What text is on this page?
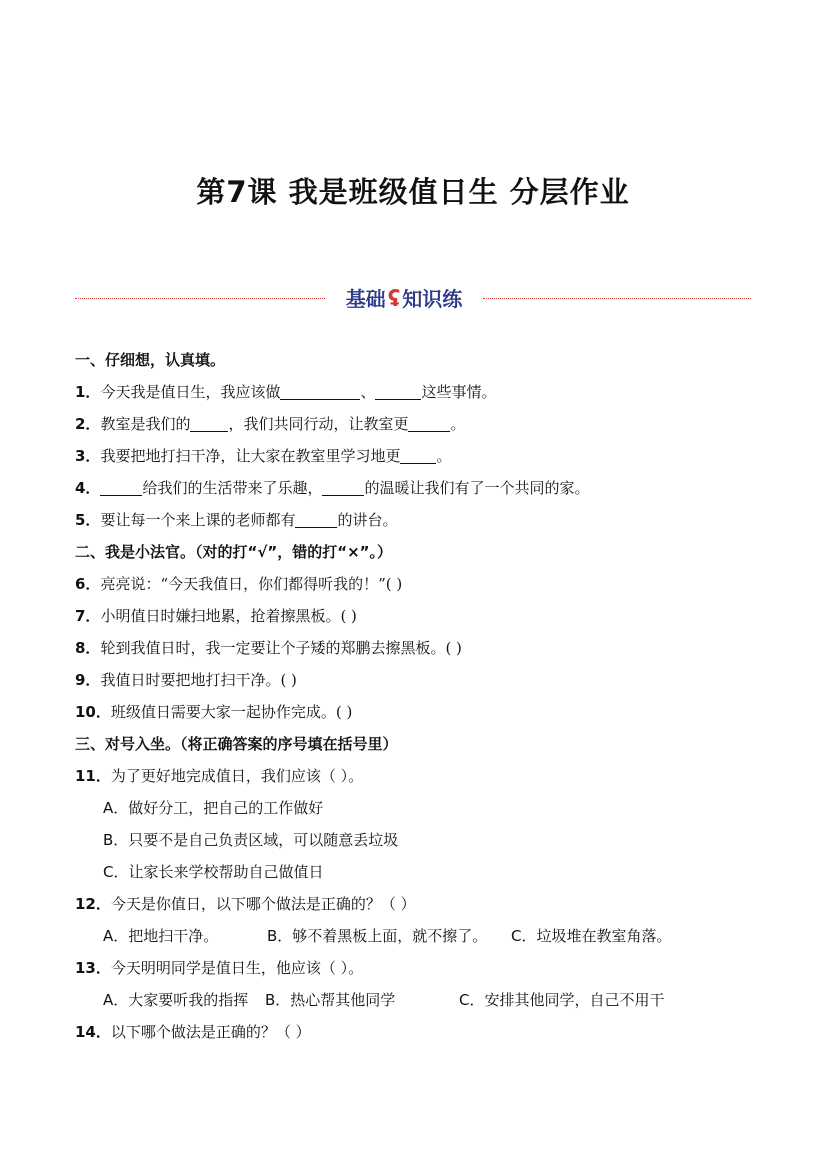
第7课 我是班级值日生 分层作业
基础ʢ 知识练
一、仔细想，认真填。
1．今天我是值日生，我应该做	、	这些事情。
2．教室是我们的	，我们共同行动，让教室更	。
3．我要把地打扫干净，让大家在教室里学习地更 。
4．	给我们的生活带来了乐趣，	的温暖让我们有了一个共同的家。
5．要让每一个来上课的老师都有	的讲台。
二、我是小法官。（对的打“√”，错的打“×”。）
6．亮亮说：“今天我值日，你们都得听我的！”( )
7．小明值日时嫌扫地累，抢着擦黑板。( )
8．轮到我值日时，我一定要让个子矮的郑鹏去擦黑板。( )
9．我值日时要把地打扫干净。( )
10．班级值日需要大家一起协作完成。( )
三、对号入坐。（将正确答案的序号填在括号里）
11．为了更好地完成值日，我们应该（ ）。
A．做好分工，把自己的工作做好
B．只要不是自己负责区域，可以随意丢垃圾
C．让家长来学校帮助自己做值日
12．今天是你值日，以下哪个做法是正确的？（ ）
A．把地扫干净。	B．够不着黑板上面，就不擦了。 C．垃圾堆在教室角落。
13．今天明明同学是值日生，他应该（ ）。
A．大家要听我的指挥 B．热心帮其他同学	C．安排其他同学，自己不用干
14．以下哪个做法是正确的？（ ）
